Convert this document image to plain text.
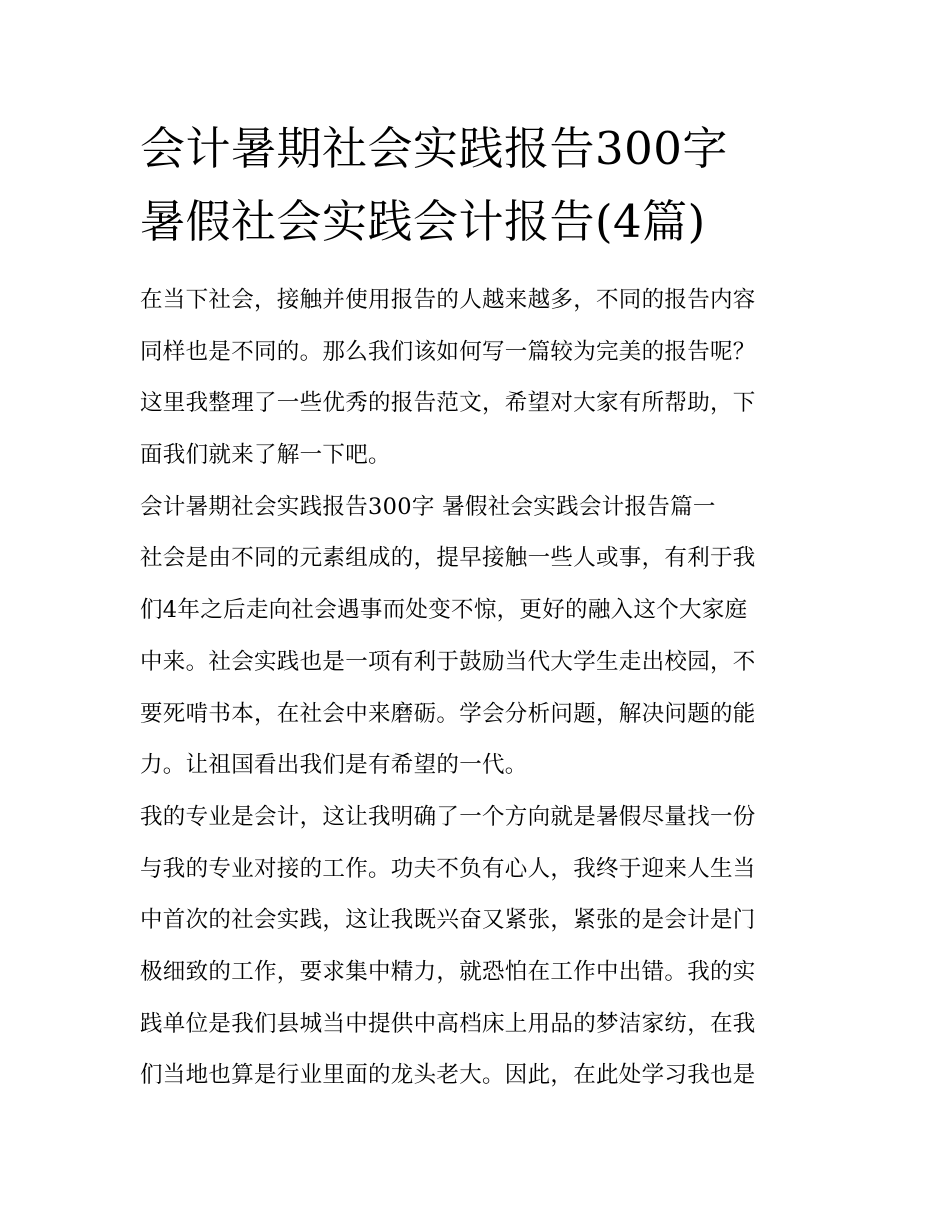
会计暑期社会实践报告300字
暑假社会实践会计报告(4篇)
在当下社会，接触并使用报告的人越来越多，不同的报告内容
同样也是不同的。那么我们该如何写一篇较为完美的报告呢？
这里我整理了一些优秀的报告范文，希望对大家有所帮助，下
面我们就来了解一下吧。
会计暑期社会实践报告300字 暑假社会实践会计报告篇一
社会是由不同的元素组成的，提早接触一些人或事，有利于我
们4年之后走向社会遇事而处变不惊，更好的融入这个大家庭
中来。社会实践也是一项有利于鼓励当代大学生走出校园，不
要死啃书本，在社会中来磨砺。学会分析问题，解决问题的能
力。让祖国看出我们是有希望的一代。
我的专业是会计，这让我明确了一个方向就是暑假尽量找一份
与我的专业对接的工作。功夫不负有心人，我终于迎来人生当
中首次的社会实践，这让我既兴奋又紧张，紧张的是会计是门
极细致的工作，要求集中精力，就恐怕在工作中出错。我的实
践单位是我们县城当中提供中高档床上用品的梦洁家纺，在我
们当地也算是行业里面的龙头老大。因此，在此处学习我也是
